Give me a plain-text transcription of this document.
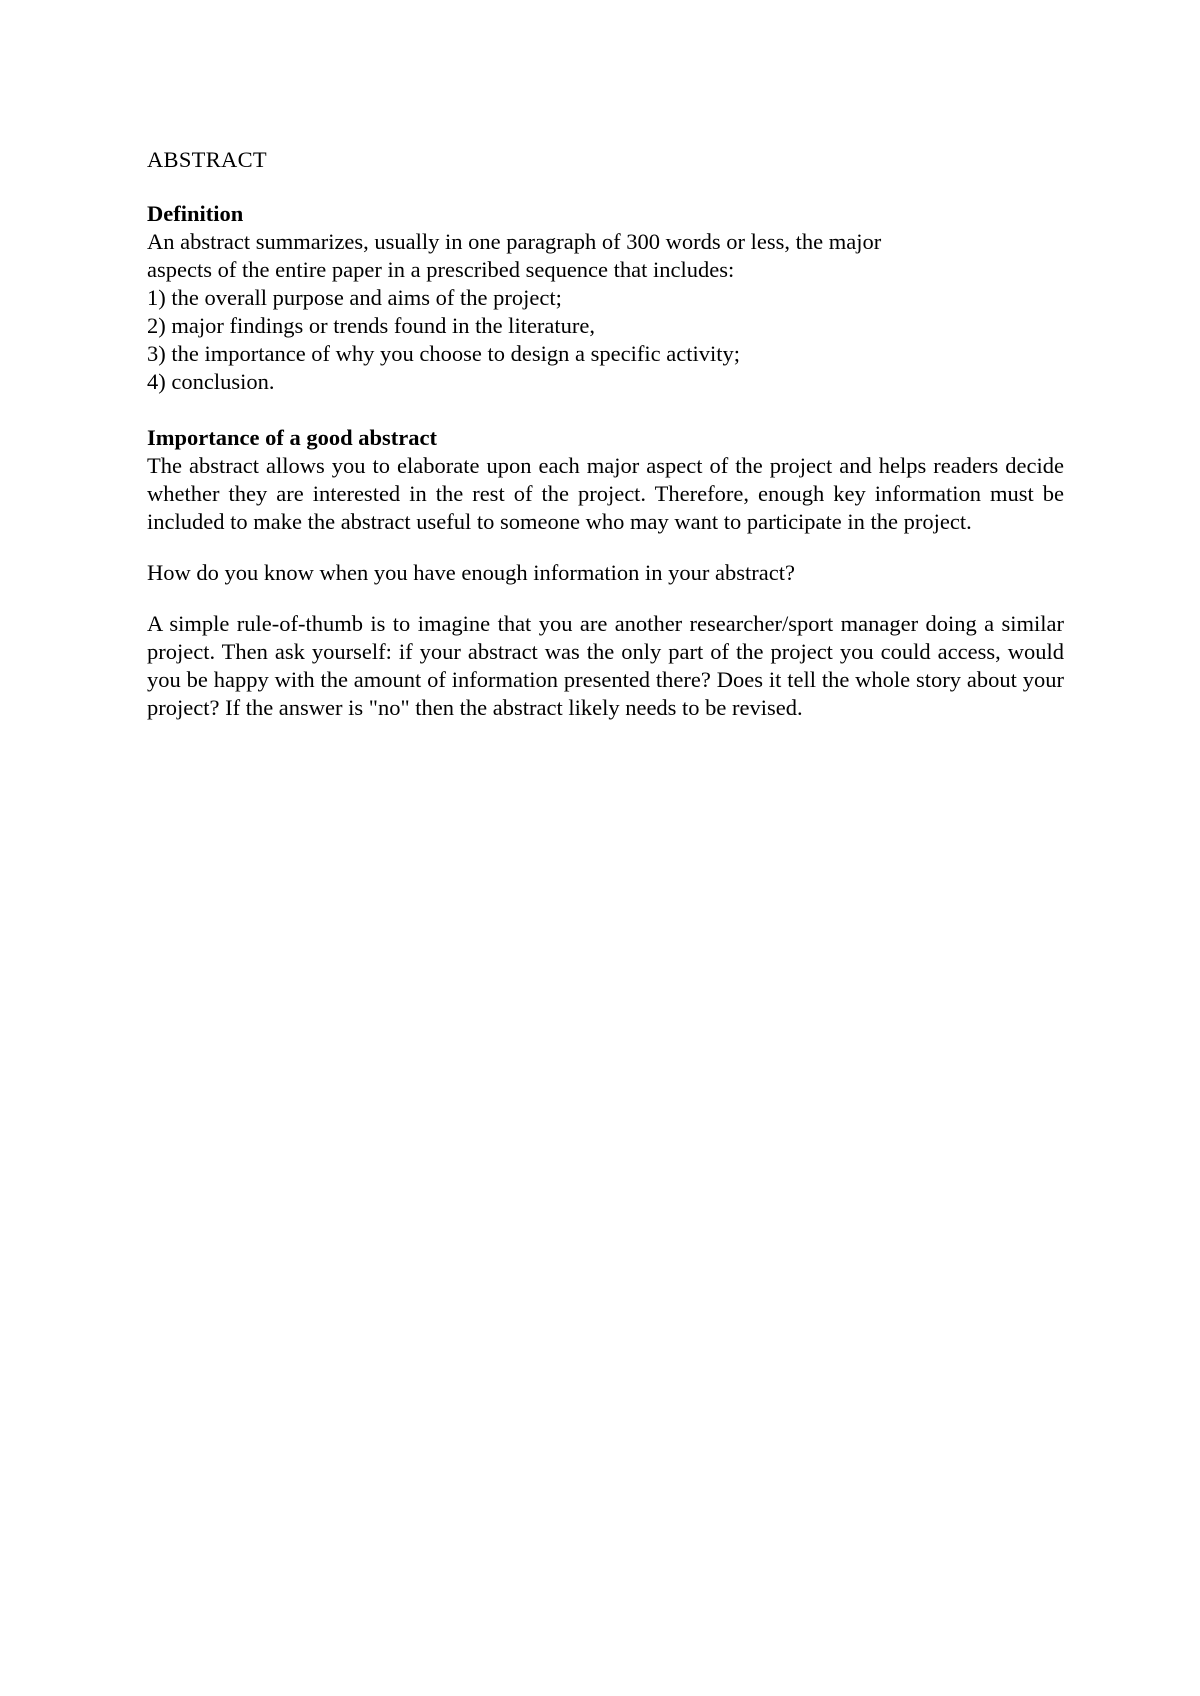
ABSTRACT
Definition

An abstract summarizes, usually in one paragraph of 300 words or less, the major
aspects of the entire paper in a prescribed sequence that includes:

1) the overall purpose and aims of the project;
2) major findings or trends found in the literature,
3) the importance of why you choose to design a specific activity;
4) conclusion.
Importance of a good abstract

The abstract allows you to elaborate upon each major aspect of the project and helps readers decide whether they are interested in the rest of the project. Therefore, enough key information must be included to make the abstract useful to someone who may want to participate in the project.

How do you know when you have enough information in your abstract?

A simple rule-of-thumb is to imagine that you are another researcher/sport manager doing a similar project. Then ask yourself: if your abstract was the only part of the project you could access, would you be happy with the amount of information presented there? Does it tell the whole story about your project? If the answer is "no" then the abstract likely needs to be revised.
